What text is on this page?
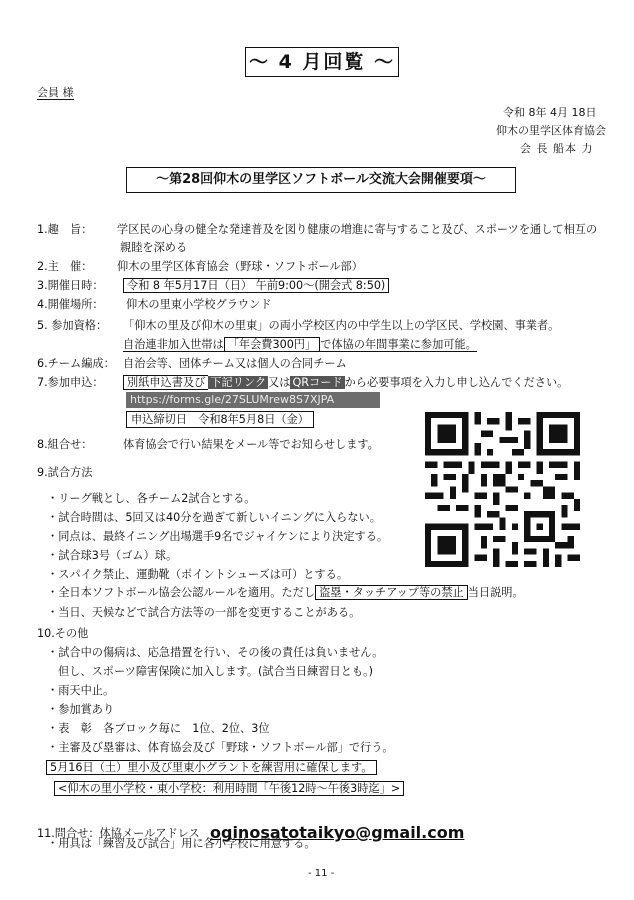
～ 4 月回覧 ～
会員 様
令和 8年 4月 18日
仰木の里学区体育協会
会 長 船本 力
～第28回仰木の里学区ソフトボール交流大会開催要項～
1.趣　旨： 学区民の心身の健全な発達普及を図り健康の増進に寄与すること及び、スポーツを通して相互の
親睦を深める
2.主　催： 仰木の里学区体育協会（野球・ソフトボール部）
3.開催日時： 令和 8 年5月17日（日） 午前9:00～(開会式 8:50)
4.開催場所： 仰木の里東小学校グラウンド
5. 参加資格： 「仰木の里及び仰木の里東」の両小学校区内の中学生以上の学区民、学校園、事業者。
自治連非加入世帯は 「年会費300円」 で体協の年間事業に参加可能。
6.チーム編成： 自治会等、団体チーム又は個人の合同チーム
7.参加申込： 別紙申込書及び 下記リンク 又は QRコード から必要事項を入力し申し込んでください。
https://forms.gle/27SLUMrew8S7XJPA
申込締切日　令和8年5月8日（金）
8.組合せ：	体育協会で行い結果をメール等でお知らせします。
9.試合方法
・リーグ戦とし、各チーム2試合とする。
・試合時間は、5回又は40分を過ぎて新しいイニングに入らない。
・同点は、最終イニング出場選手9名でジャイケンにより決定する。
・試合球3号（ゴム）球。
・スパイク禁止、運動靴（ポイントシューズは可）とする。
・全日本ソフトボール協会公認ルールを適用。ただし 盗塁・タッチアップ等の禁止 当日説明。
・当日、天候などで試合方法等の一部を変更することがある。
10.その他
・試合中の傷病は、応急措置を行い、その後の責任は負いません。
但し、スポーツ障害保険に加入します。(試合当日練習日とも。)
・雨天中止。
・参加賞あり
・表　彰　各ブロック毎に　1位、2位、3位
・主審及び塁審は、体育協会及び「野球・ソフトボール部」で行う。
5月16日（土）里小及び里東小グラントを練習用に確保します。
<仰木の里小学校・東小学校：利用時間「午後12時～午後3時迄」>
・用具は「練習及び試合」用に各小学校に用意する。
11.問合せ：体協メールアドレス oginosatotaikyo@gmail.com
- 11 -
